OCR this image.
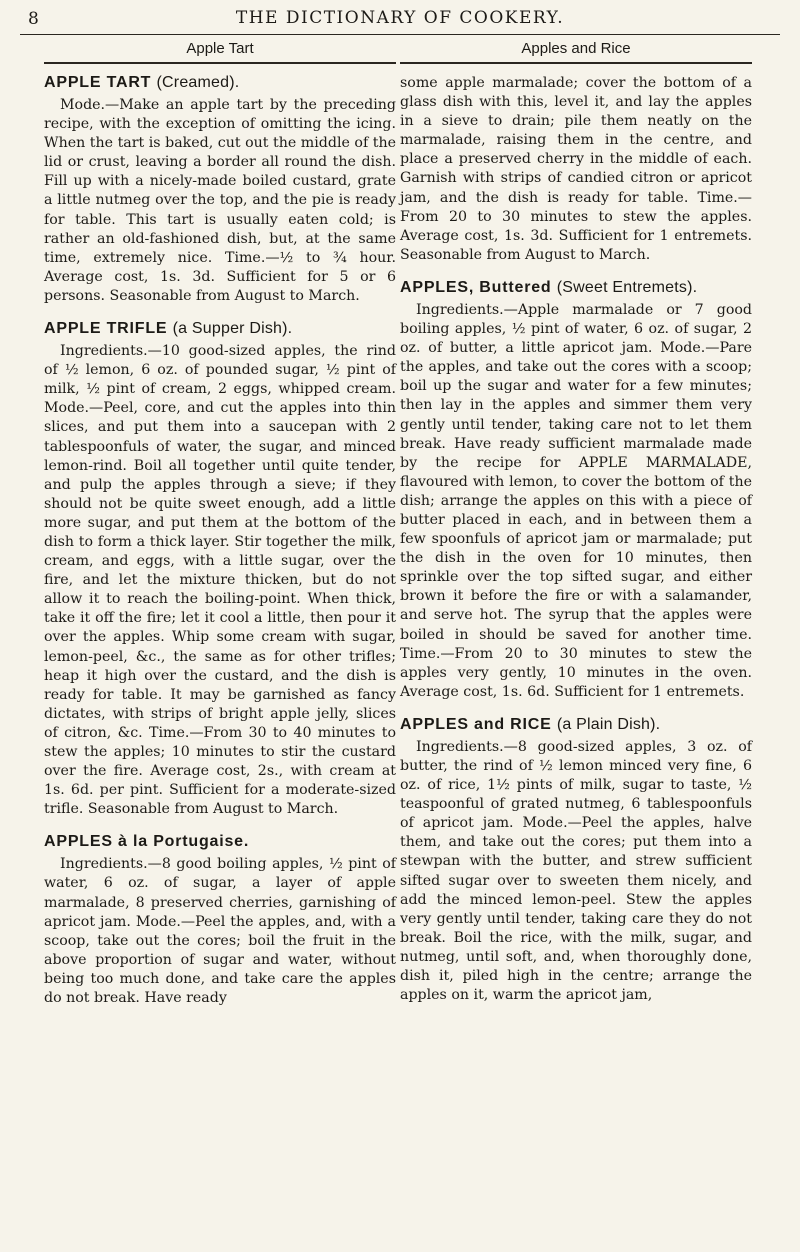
8	THE DICTIONARY OF COOKERY.
Apple Tart
APPLE TART (Creamed).

Mode.—Make an apple tart by the preceding recipe, with the exception of omitting the icing. When the tart is baked, cut out the middle of the lid or crust, leaving a border all round the dish. Fill up with a nicely-made boiled custard, grate a little nutmeg over the top, and the pie is ready for table. This tart is usually eaten cold; is rather an old-fashioned dish, but, at the same time, extremely nice. Time.—½ to ¾ hour. Average cost, 1s. 3d. Sufficient for 5 or 6 persons. Seasonable from August to March.

APPLE TRIFLE (a Supper Dish).

Ingredients.—10 good-sized apples, the rind of ½ lemon, 6 oz. of pounded sugar, ½ pint of milk, ½ pint of cream, 2 eggs, whipped cream. Mode.—Peel, core, and cut the apples into thin slices, and put them into a saucepan with 2 tablespoonfuls of water, the sugar, and minced lemon-rind. Boil all together until quite tender, and pulp the apples through a sieve; if they should not be quite sweet enough, add a little more sugar, and put them at the bottom of the dish to form a thick layer. Stir together the milk, cream, and eggs, with a little sugar, over the fire, and let the mixture thicken, but do not allow it to reach the boiling-point. When thick, take it off the fire; let it cool a little, then pour it over the apples. Whip some cream with sugar, lemon-peel, &c., the same as for other trifles; heap it high over the custard, and the dish is ready for table. It may be garnished as fancy dictates, with strips of bright apple jelly, slices of citron, &c. Time.—From 30 to 40 minutes to stew the apples; 10 minutes to stir the custard over the fire. Average cost, 2s., with cream at 1s. 6d. per pint. Sufficient for a moderate-sized trifle. Seasonable from August to March.

APPLES à la Portugaise.

Ingredients.—8 good boiling apples, ½ pint of water, 6 oz. of sugar, a layer of apple marmalade, 8 preserved cherries, garnishing of apricot jam. Mode.—Peel the apples, and, with a scoop, take out the cores; boil the fruit in the above proportion of sugar and water, without being too much done, and take care the apples do not break. Have ready

Apples and Rice

some apple marmalade; cover the bottom of a glass dish with this, level it, and lay the apples in a sieve to drain; pile them neatly on the marmalade, raising them in the centre, and place a preserved cherry in the middle of each. Garnish with strips of candied citron or apricot jam, and the dish is ready for table. Time.—From 20 to 30 minutes to stew the apples. Average cost, 1s. 3d. Sufficient for 1 entremets. Seasonable from August to March.

APPLES, Buttered (Sweet Entremets).

Ingredients.—Apple marmalade or 7 good boiling apples, ½ pint of water, 6 oz. of sugar, 2 oz. of butter, a little apricot jam. Mode.—Pare the apples, and take out the cores with a scoop; boil up the sugar and water for a few minutes; then lay in the apples and simmer them very gently until tender, taking care not to let them break. Have ready sufficient marmalade made by the recipe for APPLE MARMALADE, flavoured with lemon, to cover the bottom of the dish; arrange the apples on this with a piece of butter placed in each, and in between them a few spoonfuls of apricot jam or marmalade; put the dish in the oven for 10 minutes, then sprinkle over the top sifted sugar, and either brown it before the fire or with a salamander, and serve hot. The syrup that the apples were boiled in should be saved for another time. Time.—From 20 to 30 minutes to stew the apples very gently, 10 minutes in the oven. Average cost, 1s. 6d. Sufficient for 1 entremets.

APPLES and RICE (a Plain Dish).

Ingredients.—8 good-sized apples, 3 oz. of butter, the rind of ½ lemon minced very fine, 6 oz. of rice, 1½ pints of milk, sugar to taste, ½ teaspoonful of grated nutmeg, 6 tablespoonfuls of apricot jam. Mode.—Peel the apples, halve them, and take out the cores; put them into a stewpan with the butter, and strew sufficient sifted sugar over to sweeten them nicely, and add the minced lemon-peel. Stew the apples very gently until tender, taking care they do not break. Boil the rice, with the milk, sugar, and nutmeg, until soft, and, when thoroughly done, dish it, piled high in the centre; arrange the apples on it, warm the apricot jam,
